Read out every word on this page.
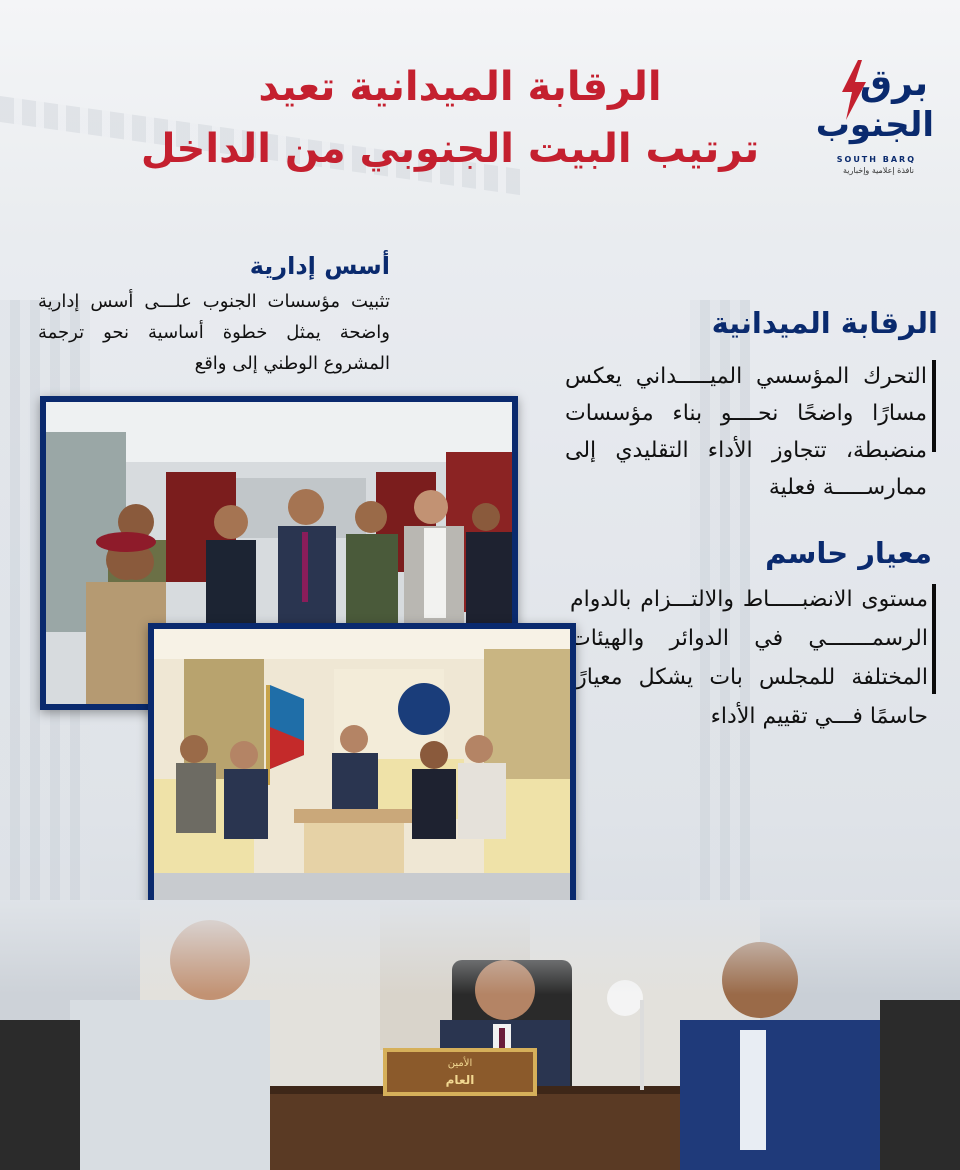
برق
الجنوب
SOUTH BARQ
نافذة إعلامية وإخبارية
الرقابة الميدانية تعيد
ترتيب البيت الجنوبي من الداخل
أسس إدارية
تثبيت مؤسسات الجنوب علـــى أسس إدارية واضحة يمثل خطوة أساسية نحو ترجمة المشروع الوطني إلى واقع
الرقابة الميدانية
التحرك المؤسسي الميـــــداني يعكس مسارًا واضحًا نحــــو بناء مؤسسات منضبطة، تتجاوز الأداء التقليدي إلى ممارســـــة فعلية
معيار حاسم
مستوى الانضبـــــاط والالتـــزام بالدوام الرسمـــــــي في الدوائر والهيئات المختلفة للمجلس بات يشكل معيارًا حاسمًا فـــي تقييم الأداء
